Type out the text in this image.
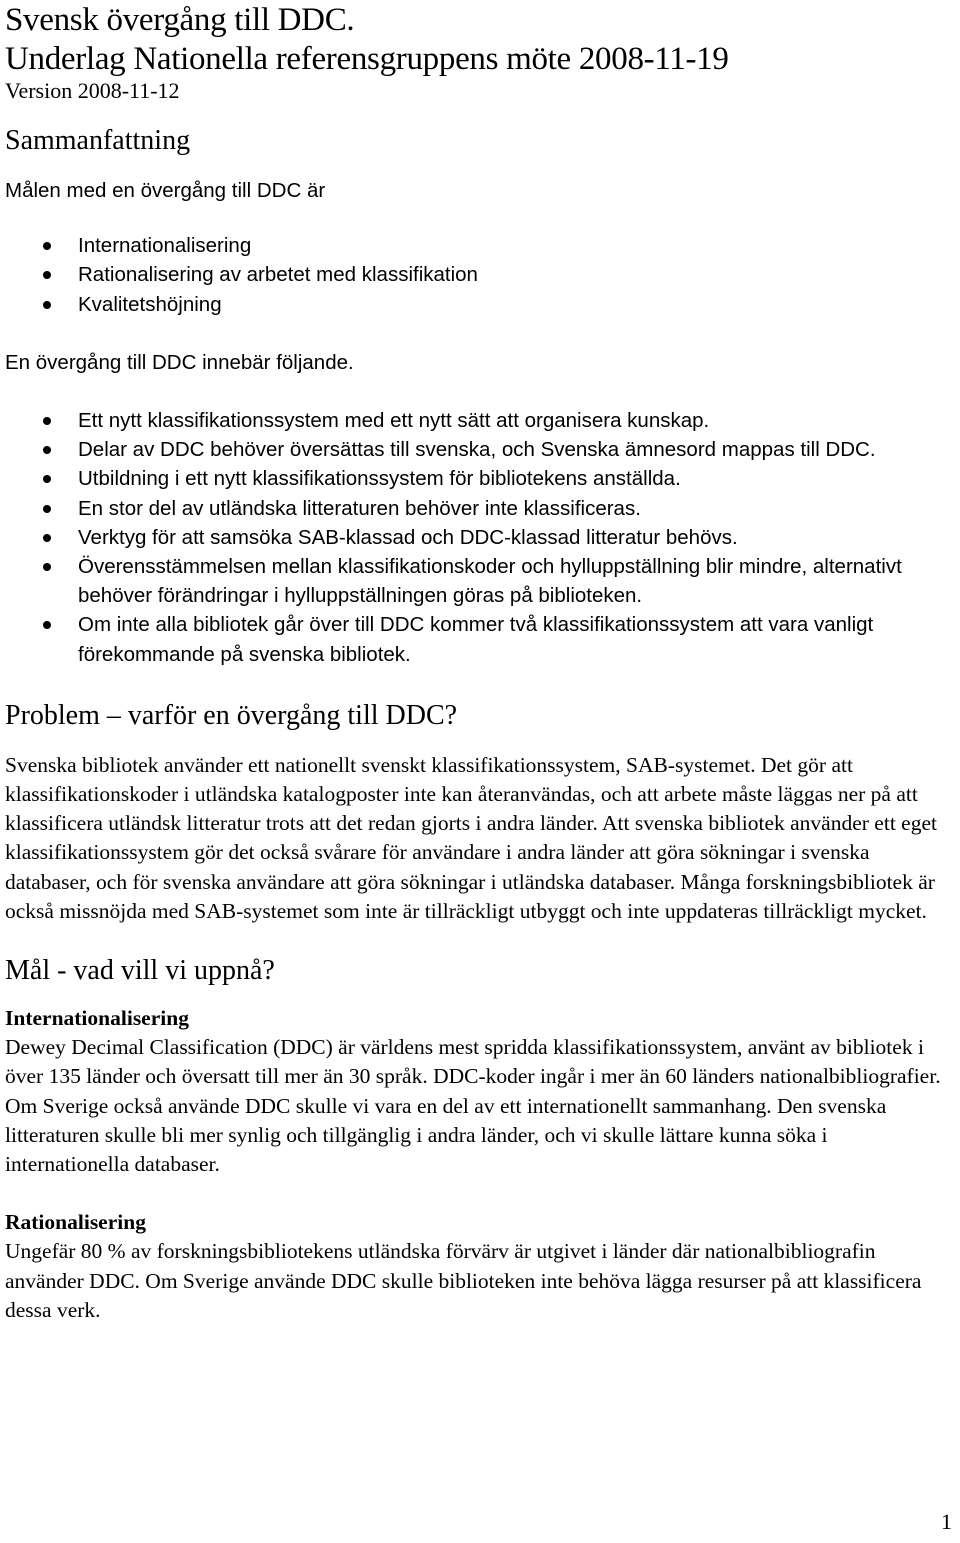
Svensk övergång till DDC.
Underlag Nationella referensgruppens möte 2008-11-19
Version 2008-11-12
Sammanfattning

Målen med en övergång till DDC är

Internationalisering
Rationalisering av arbetet med klassifikation
Kvalitetshöjning

En övergång till DDC innebär följande.

Ett nytt klassifikationssystem med ett nytt sätt att organisera kunskap.
Delar av DDC behöver översättas till svenska, och Svenska ämnesord mappas till DDC.
Utbildning i ett nytt klassifikationssystem för bibliotekens anställda.
En stor del av utländska litteraturen behöver inte klassificeras.
Verktyg för att samsöka SAB-klassad och DDC-klassad litteratur behövs.
Överensstämmelsen mellan klassifikationskoder och hylluppställning blir mindre, alternativt behöver förändringar i hylluppställningen göras på biblioteken.
Om inte alla bibliotek går över till DDC kommer två klassifikationssystem att vara vanligt förekommande på svenska bibliotek.
Problem – varför en övergång till DDC?

Svenska bibliotek använder ett nationellt svenskt klassifikationssystem, SAB-systemet. Det gör att klassifikationskoder i utländska katalogposter inte kan återanvändas, och att arbete måste läggas ner på att klassificera utländsk litteratur trots att det redan gjorts i andra länder. Att svenska bibliotek använder ett eget klassifikationssystem gör det också svårare för användare i andra länder att göra sökningar i svenska databaser, och för svenska användare att göra sökningar i utländska databaser. Många forskningsbibliotek är också missnöjda med SAB-systemet som inte är tillräckligt utbyggt och inte uppdateras tillräckligt mycket.

Mål - vad vill vi uppnå?

Internationalisering

Dewey Decimal Classification (DDC) är världens mest spridda klassifikationssystem, använt av bibliotek i över 135 länder och översatt till mer än 30 språk. DDC-koder ingår i mer än 60 länders nationalbibliografier. Om Sverige också använde DDC skulle vi vara en del av ett internationellt sammanhang. Den svenska litteraturen skulle bli mer synlig och tillgänglig i andra länder, och vi skulle lättare kunna söka i internationella databaser.

Rationalisering

Ungefär 80 % av forskningsbibliotekens utländska förvärv är utgivet i länder där nationalbibliografin använder DDC. Om Sverige använde DDC skulle biblioteken inte behöva lägga resurser på att klassificera dessa verk.

1
